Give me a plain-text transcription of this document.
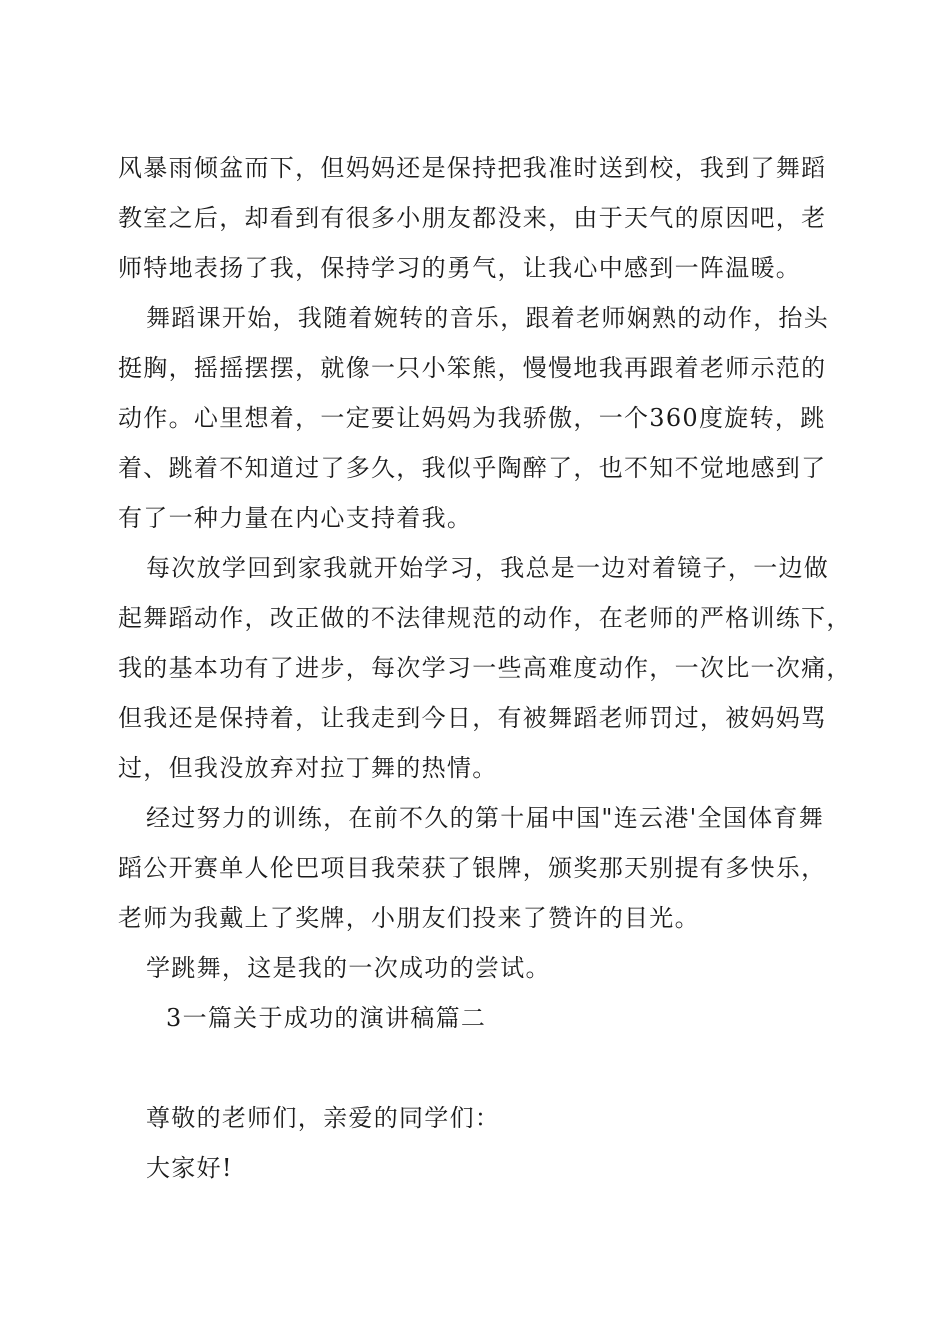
风暴雨倾盆而下，但妈妈还是保持把我准时送到校，我到了舞蹈
教室之后，却看到有很多小朋友都没来，由于天气的原因吧，老
师特地表扬了我，保持学习的勇气，让我心中感到一阵温暖。
舞蹈课开始，我随着婉转的音乐，跟着老师娴熟的动作，抬头
挺胸，摇摇摆摆，就像一只小笨熊，慢慢地我再跟着老师示范的
动作。心里想着，一定要让妈妈为我骄傲，一个360度旋转，跳
着、跳着不知道过了多久，我似乎陶醉了，也不知不觉地感到了
有了一种力量在内心支持着我。
每次放学回到家我就开始学习，我总是一边对着镜子，一边做
起舞蹈动作，改正做的不法律规范的动作，在老师的严格训练下，
我的基本功有了进步，每次学习一些高难度动作，一次比一次痛，
但我还是保持着，让我走到今日，有被舞蹈老师罚过，被妈妈骂
过，但我没放弃对拉丁舞的热情。
经过努力的训练，在前不久的第十届中国"连云港'全国体育舞
蹈公开赛单人伦巴项目我荣获了银牌，颁奖那天别提有多快乐，
老师为我戴上了奖牌，小朋友们投来了赞许的目光。
学跳舞，这是我的一次成功的尝试。
3一篇关于成功的演讲稿篇二
尊敬的老师们，亲爱的同学们：
大家好!
